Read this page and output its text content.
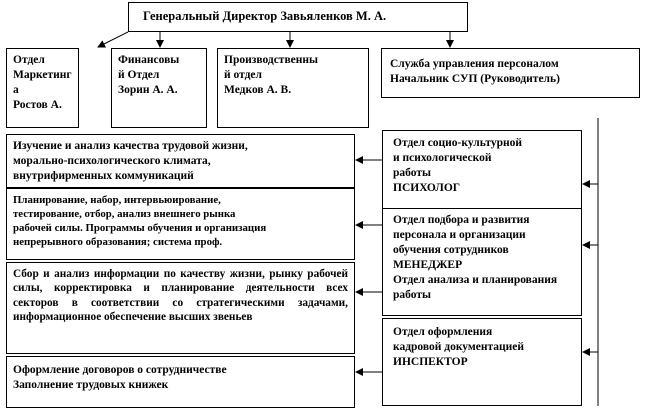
Генеральный Директор Завьяленков М. А.
Отдел
Маркетинг
а
Ростов А.
Финансовы
й Отдел
Зорин А. А.
Производственны
й отдел
Медков А. В.
Служба управления персоналом
Начальник СУП (Руководитель)
Изучение и анализ качества трудовой жизни,
морально-психологического климата,
внутрифирменных коммуникаций
Планирование, набор, интервьюирование,
тестирование, отбор, анализ внешнего рынка
рабочей силы. Программы обучения и организация
непрерывного образования; система проф.
Сбор и анализ информации по качеству жизни, рынку рабочей силы, корректировка и планирование деятельности всех секторов в соответствии со стратегическими задачами, информационное обеспечение высших звеньев
Оформление договоров о сотрудничестве
Заполнение трудовых книжек
Отдел социо-культурной
и психологической
работы
ПСИХОЛОГ
Отдел подбора и развития
персонала и организации
обучения сотрудников
МЕНЕДЖЕР
Отдел анализа и планирования
работы
Отдел оформления
кадровой документацией
ИНСПЕКТОР
